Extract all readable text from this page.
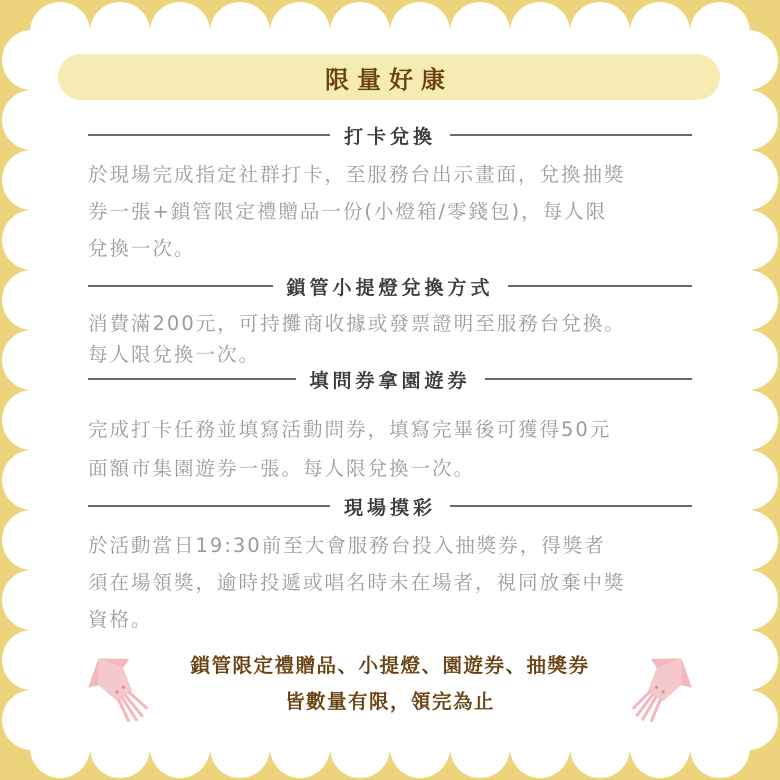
限量好康
打卡兌換
於現場完成指定社群打卡，至服務台出示畫面，兌換抽獎
券一張+鎖管限定禮贈品一份(小燈箱/零錢包)，每人限
兌換一次。
鎖管小提燈兌換方式
消費滿200元，可持攤商收據或發票證明至服務台兌換。
每人限兌換一次。
填問券拿園遊券
完成打卡任務並填寫活動問券，填寫完畢後可獲得50元
面額市集園遊券一張。每人限兌換一次。
現場摸彩
於活動當日19:30前至大會服務台投入抽獎券，得獎者
須在場領獎，逾時投遞或唱名時未在場者，視同放棄中獎
資格。
鎖管限定禮贈品、小提燈、園遊券、抽獎券
皆數量有限，領完為止
